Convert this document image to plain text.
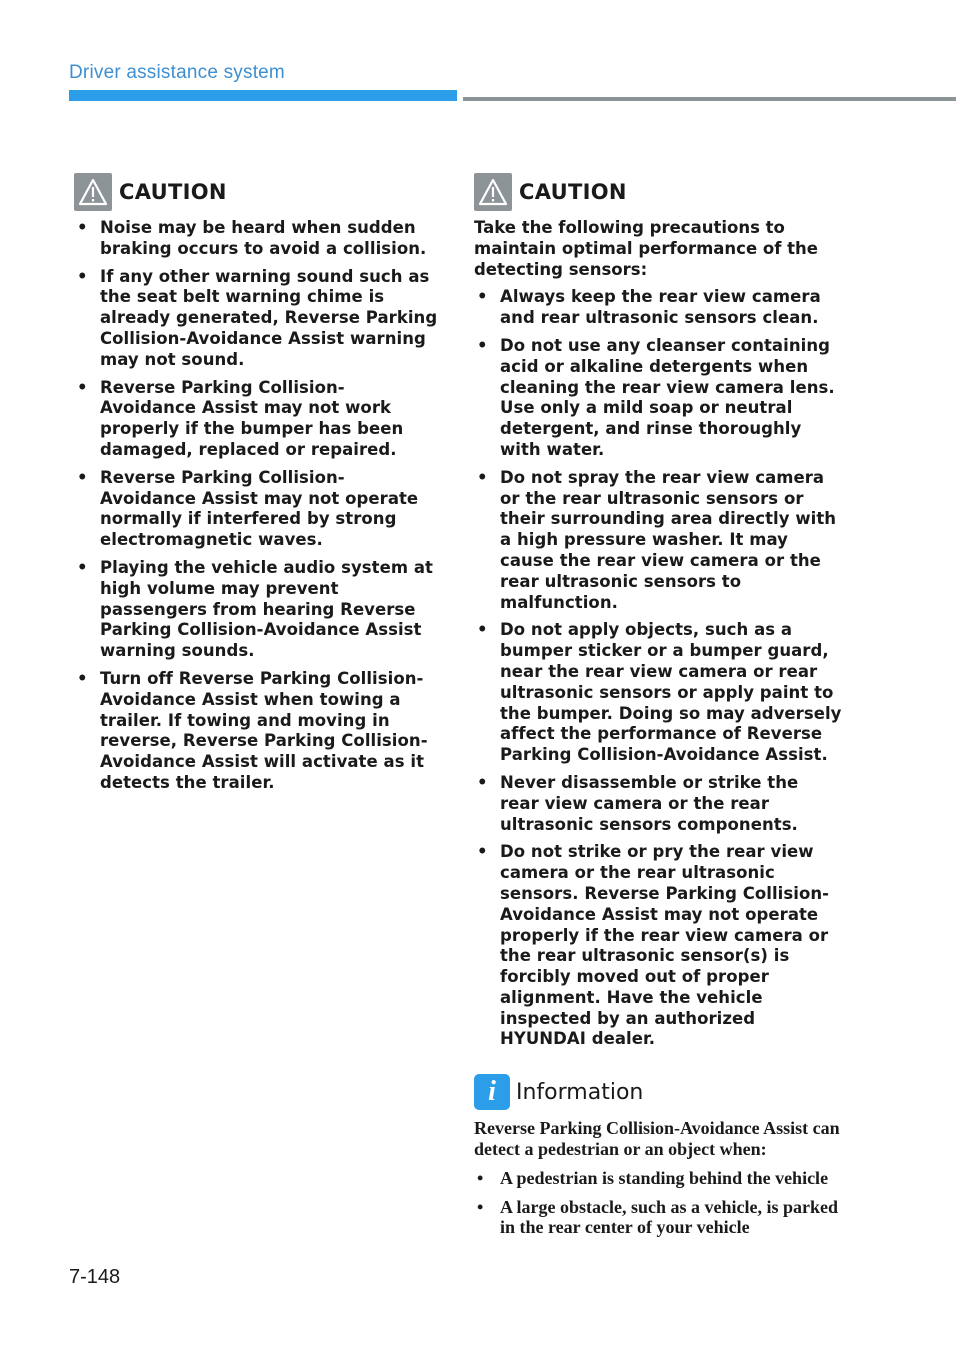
Driver assistance system
CAUTION
• Noise may be heard when sudden braking occurs to avoid a collision.
• If any other warning sound such as the seat belt warning chime is already generated, Reverse Parking Collision-Avoidance Assist warning may not sound.
• Reverse Parking Collision-Avoidance Assist may not work properly if the bumper has been damaged, replaced or repaired.
• Reverse Parking Collision-Avoidance Assist may not operate normally if interfered by strong electromagnetic waves.
• Playing the vehicle audio system at high volume may prevent passengers from hearing Reverse Parking Collision-Avoidance Assist warning sounds.
• Turn off Reverse Parking Collision-Avoidance Assist when towing a trailer. If towing and moving in reverse, Reverse Parking Collision-Avoidance Assist will activate as it detects the trailer.
CAUTION

Take the following precautions to maintain optimal performance of the detecting sensors:

• Always keep the rear view camera and rear ultrasonic sensors clean.
• Do not use any cleanser containing acid or alkaline detergents when cleaning the rear view camera lens. Use only a mild soap or neutral detergent, and rinse thoroughly with water.
• Do not spray the rear view camera or the rear ultrasonic sensors or their surrounding area directly with a high pressure washer. It may cause the rear view camera or the rear ultrasonic sensors to malfunction.
• Do not apply objects, such as a bumper sticker or a bumper guard, near the rear view camera or rear ultrasonic sensors or apply paint to the bumper. Doing so may adversely affect the performance of Reverse Parking Collision-Avoidance Assist.
• Never disassemble or strike the rear view camera or the rear ultrasonic sensors components.
• Do not strike or pry the rear view camera or the rear ultrasonic sensors. Reverse Parking Collision-Avoidance Assist may not operate properly if the rear view camera or the rear ultrasonic sensor(s) is forcibly moved out of proper alignment. Have the vehicle inspected by an authorized HYUNDAI dealer.
i Information

Reverse Parking Collision-Avoidance Assist can detect a pedestrian or an object when:

• A pedestrian is standing behind the vehicle
• A large obstacle, such as a vehicle, is parked in the rear center of your vehicle
7-148
